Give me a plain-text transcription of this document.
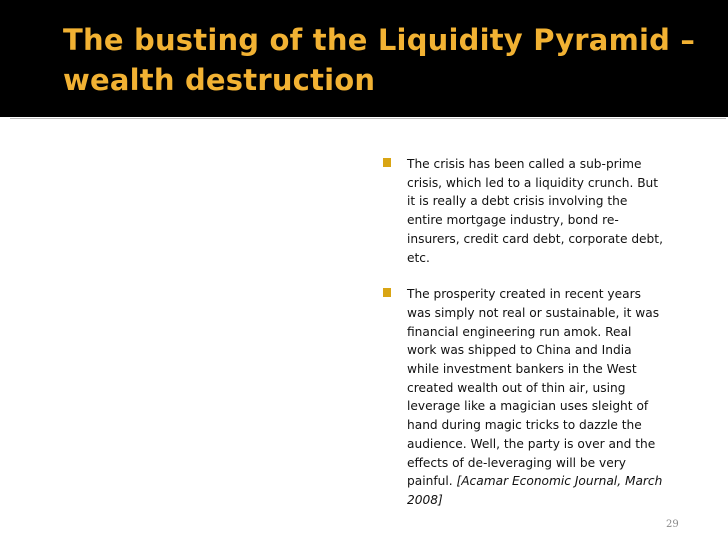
The busting of the Liquidity Pyramid – wealth destruction
The crisis has been called a sub-prime crisis, which led to a liquidity crunch. But it is really a debt crisis involving the entire mortgage industry, bond re-insurers, credit card debt, corporate debt, etc.
The prosperity created in recent years was simply not real or sustainable, it was financial engineering run amok. Real work was shipped to China and India while investment bankers in the West created wealth out of thin air, using leverage like a magician uses sleight of hand during magic tricks to dazzle the audience. Well, the party is over and the effects of de-leveraging will be very painful. [Acamar Economic Journal, March 2008]
29
